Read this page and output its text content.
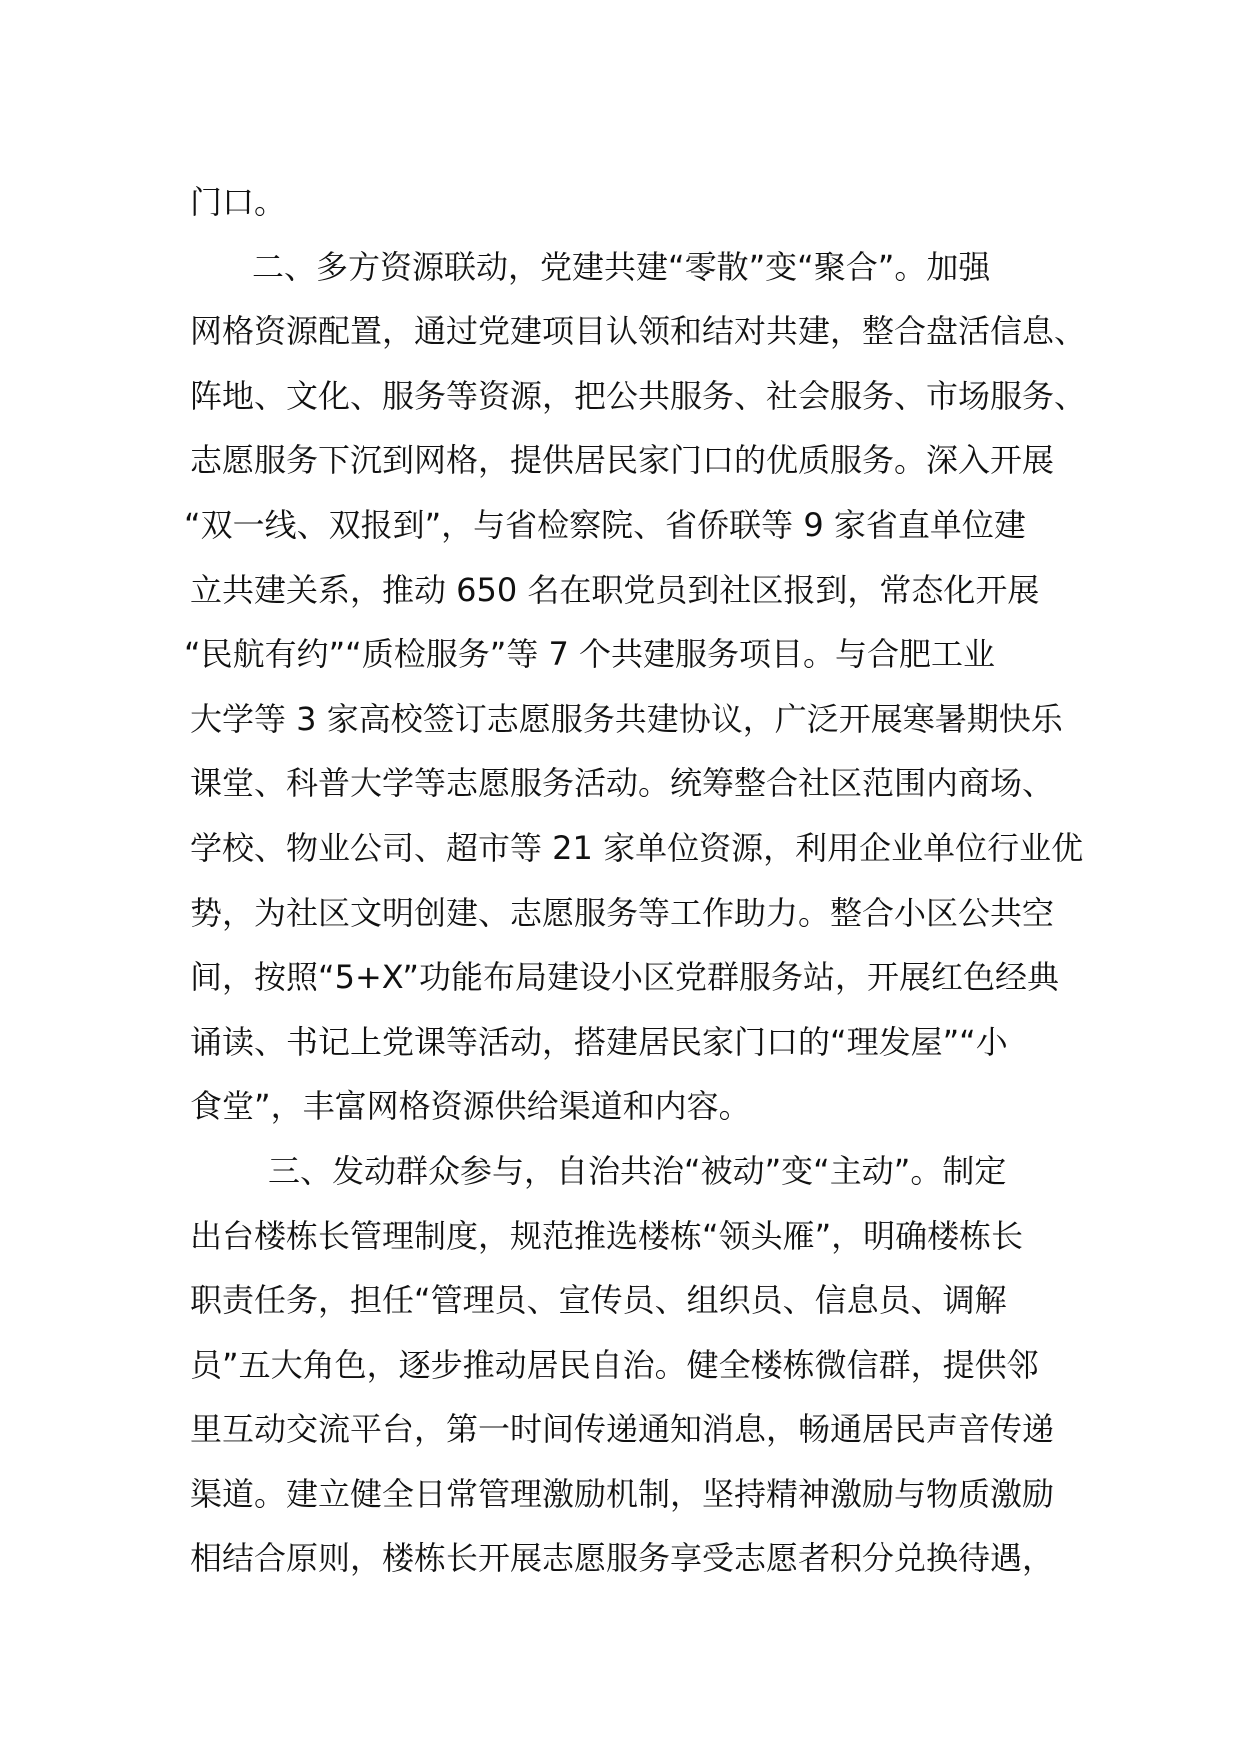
门口。
二、多方资源联动，党建共建“零散”变“聚合”。加强
网格资源配置，通过党建项目认领和结对共建，整合盘活信息、
阵地、文化、服务等资源，把公共服务、社会服务、市场服务、
志愿服务下沉到网格，提供居民家门口的优质服务。深入开展
“双一线、双报到”，与省检察院、省侨联等 9 家省直单位建
立共建关系，推动 650 名在职党员到社区报到，常态化开展
“民航有约”“质检服务”等 7 个共建服务项目。与合肥工业
大学等 3 家高校签订志愿服务共建协议，广泛开展寒暑期快乐
课堂、科普大学等志愿服务活动。统筹整合社区范围内商场、
学校、物业公司、超市等 21 家单位资源，利用企业单位行业优
势，为社区文明创建、志愿服务等工作助力。整合小区公共空
间，按照“5+X”功能布局建设小区党群服务站，开展红色经典
诵读、书记上党课等活动，搭建居民家门口的“理发屋”“小
食堂”，丰富网格资源供给渠道和内容。
三、发动群众参与，自治共治“被动”变“主动”。制定
出台楼栋长管理制度，规范推选楼栋“领头雁”，明确楼栋长
职责任务，担任“管理员、宣传员、组织员、信息员、调解
员”五大角色，逐步推动居民自治。健全楼栋微信群，提供邻
里互动交流平台，第一时间传递通知消息，畅通居民声音传递
渠道。建立健全日常管理激励机制，坚持精神激励与物质激励
相结合原则，楼栋长开展志愿服务享受志愿者积分兑换待遇，
